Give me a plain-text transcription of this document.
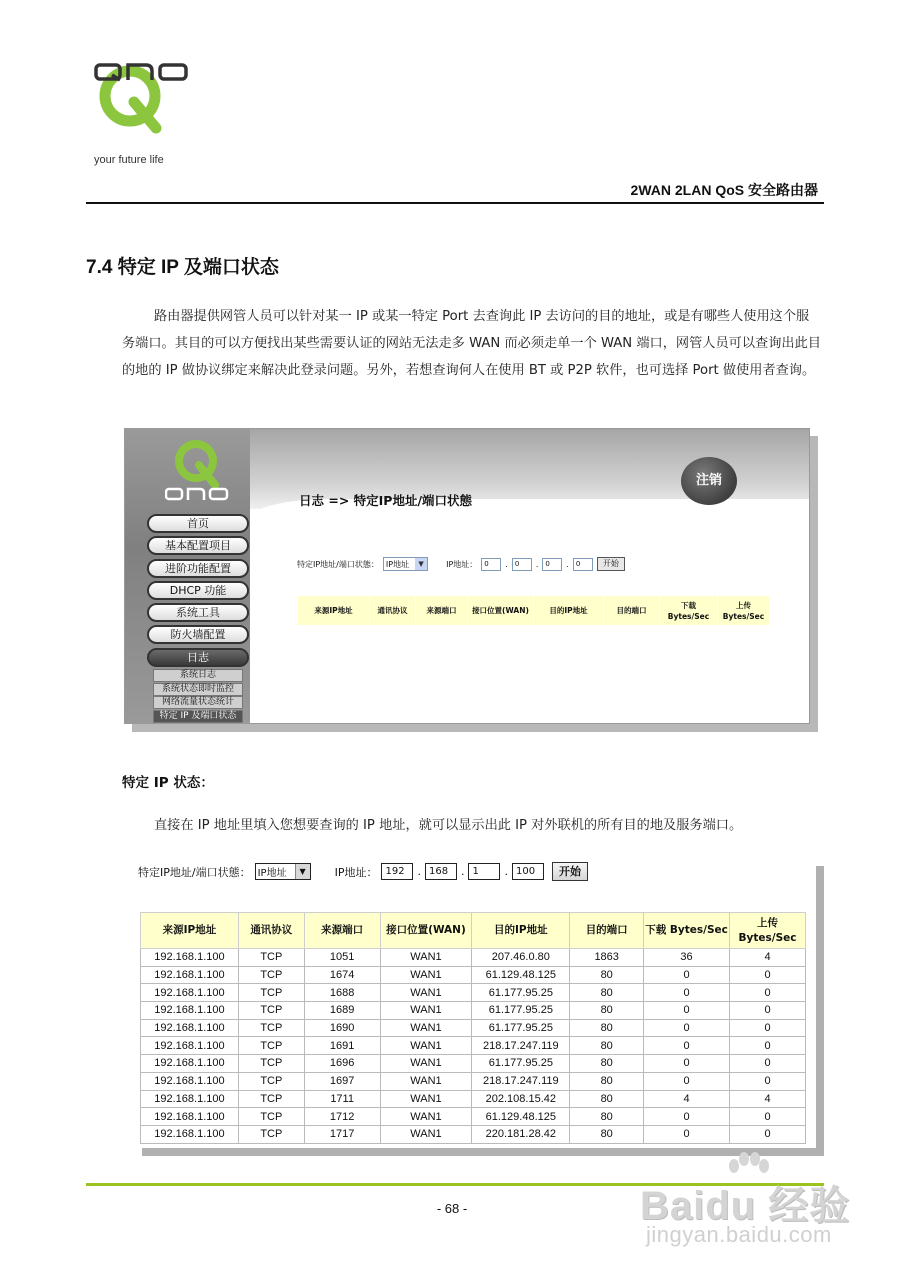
your future life
2WAN 2LAN QoS 安全路由器
7.4 特定 IP 及端口状态

路由器提供网管人员可以针对某一 IP 或某一特定 Port 去查询此 IP 去访问的目的地址，或是有哪些人使用这个服务端口。其目的可以方便找出某些需要认证的网站无法走多 WAN 而必须走单一个 WAN 端口，网管人员可以查询出此目的地的 IP 做协议绑定来解决此登录问题。另外，若想查询何人在使用 BT 或 P2P 软件，也可选择 Port 做使用者查询。

注销
日志 => 特定IP地址/端口状態
首页
基本配置项目
进阶功能配置
DHCP 功能
系统工具
防火墙配置
日志
系统日志
系统状态即时监控
网络流量状态统计
特定 IP 及端口状态
特定IP地址/端口状態： IP地址	▼	IP地址：	0	.	0	.	0	.	0	开始
来源IP地址	通讯协议	来源端口	接口位置(WAN)	目的IP地址	目的端口	下载 Bytes/Sec	上传 Bytes/Sec
特定 IP 状态：

直接在 IP 地址里填入您想要查询的 IP 地址，就可以显示出此 IP 对外联机的所有目的地及服务端口。

特定IP地址/端口状態： IP地址	▼	IP地址： 192	. 168	. 1	. 100	开始
来源IP地址	通讯协议	来源端口	接口位置(WAN)	目的IP地址	目的端口	下载 Bytes/Sec	上传 Bytes/Sec
192.168.1.100	TCP	1051	WAN1	207.46.0.80	1863	36	4
192.168.1.100	TCP	1674	WAN1	61.129.48.125	80	0	0
192.168.1.100	TCP	1688	WAN1	61.177.95.25	80	0	0
192.168.1.100	TCP	1689	WAN1	61.177.95.25	80	0	0
192.168.1.100	TCP	1690	WAN1	61.177.95.25	80	0	0
192.168.1.100	TCP	1691	WAN1	218.17.247.119	80	0	0
192.168.1.100	TCP	1696	WAN1	61.177.95.25	80	0	0
192.168.1.100	TCP	1697	WAN1	218.17.247.119	80	0	0
192.168.1.100	TCP	1711	WAN1	202.108.15.42	80	4	4
192.168.1.100	TCP	1712	WAN1	61.129.48.125	80	0	0
192.168.1.100	TCP	1717	WAN1	220.181.28.42	80	0	0
- 68 -	Baidu 经验
jingyan.baidu.com
